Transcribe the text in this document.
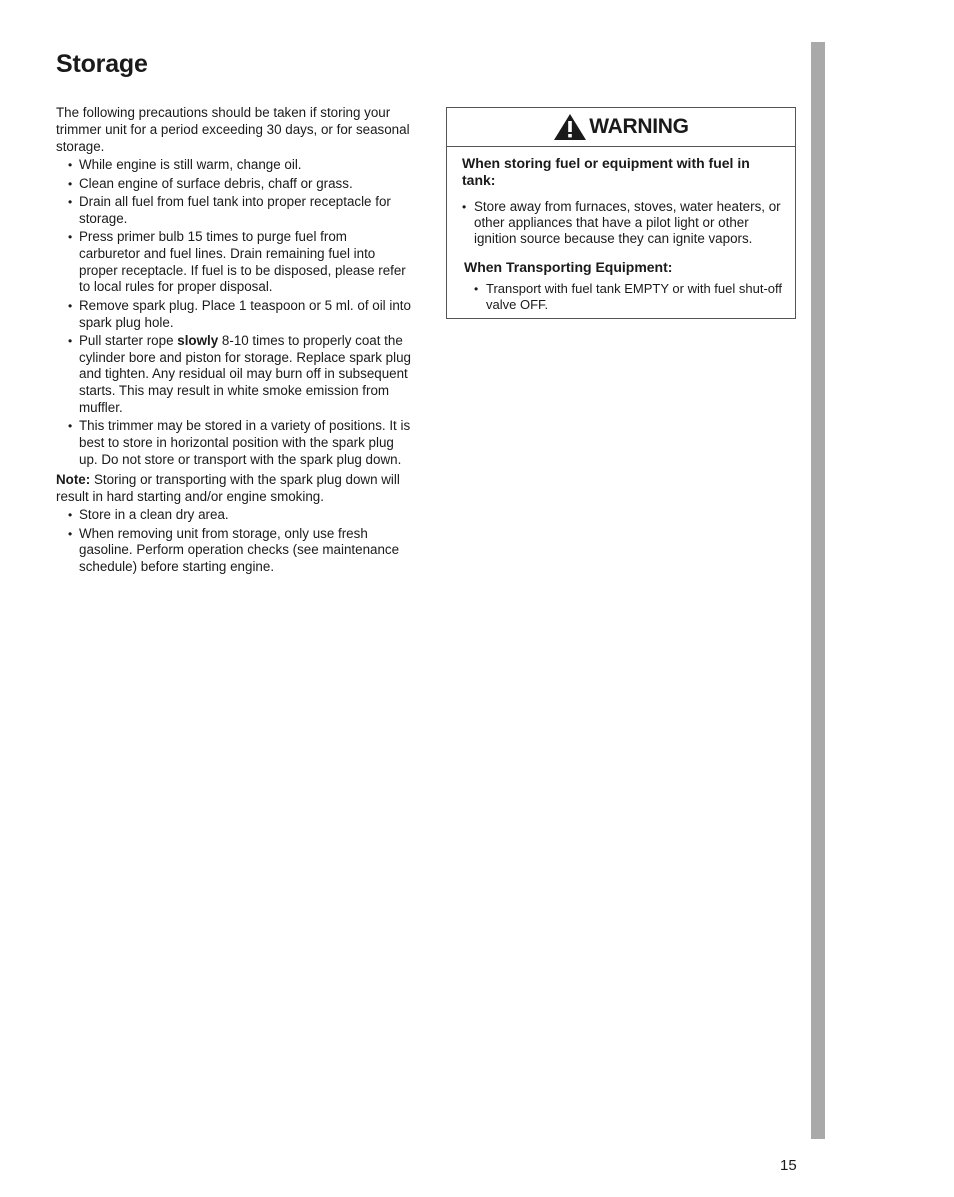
Storage

The following precautions should be taken if storing your trimmer unit for a period exceeding 30 days, or for seasonal storage.

• While engine is still warm, change oil.
• Clean engine of surface debris, chaff or grass.
• Drain all fuel from fuel tank into proper receptacle for storage.
• Press primer bulb 15 times to purge fuel from carburetor and fuel lines. Drain remaining fuel into proper receptacle. If fuel is to be disposed, please refer to local rules for proper disposal.
• Remove spark plug. Place 1 teaspoon or 5 ml. of oil into spark plug hole.
• Pull starter rope slowly 8-10 times to properly coat the cylinder bore and piston for storage. Replace spark plug and tighten. Any residual oil may burn off in subsequent starts. This may result in white smoke emission from muffler.
• This trimmer may be stored in a variety of positions. It is best to store in horizontal position with the spark plug up. Do not store or transport with the spark plug down.

Note: Storing or transporting with the spark plug down will result in hard starting and/or engine smoking.

• Store in a clean dry area.
• When removing unit from storage, only use fresh gasoline. Perform operation checks (see maintenance schedule) before starting engine.
WARNING

When storing fuel or equipment with fuel in tank:

• Store away from furnaces, stoves, water heaters, or other appliances that have a pilot light or other ignition source because they can ignite vapors.

When Transporting Equipment:

• Transport with fuel tank EMPTY or with fuel shut-off valve OFF.
15
